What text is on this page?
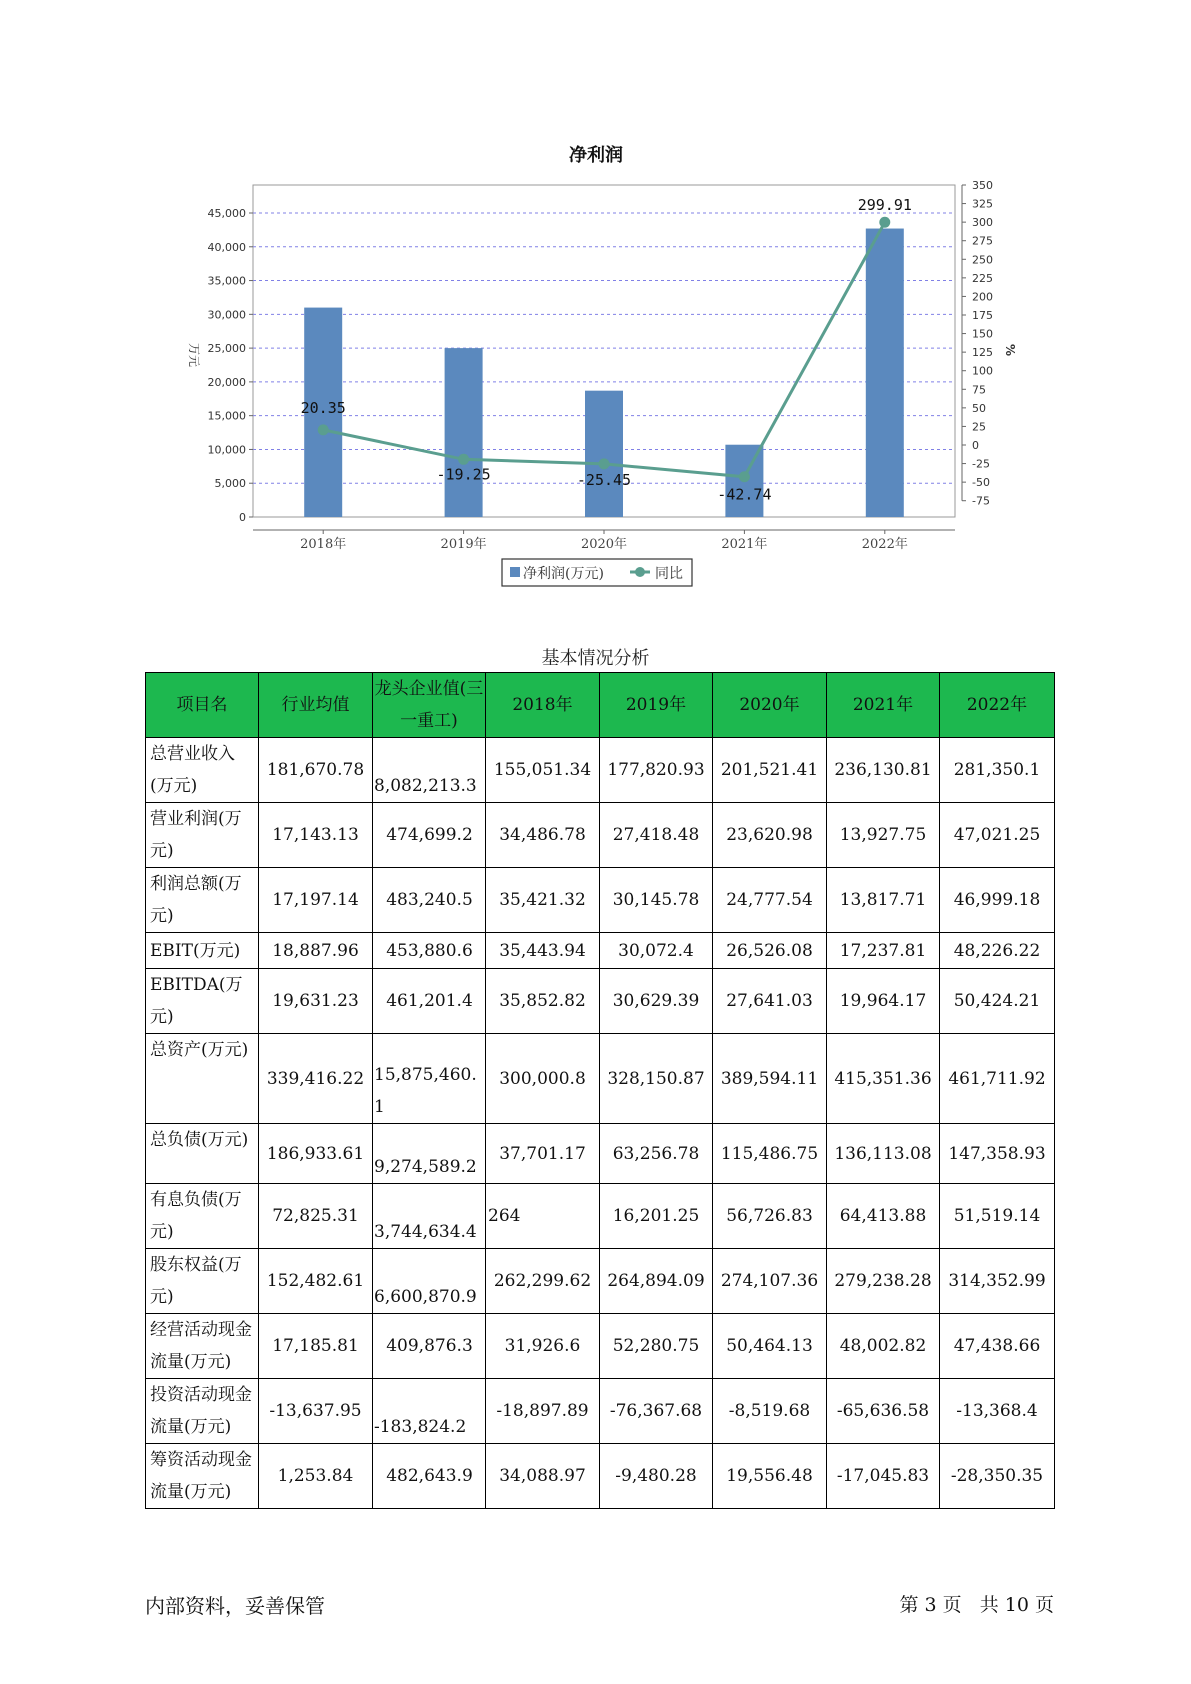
净利润
0
5,000
10,000
15,000
20,000
25,000
30,000
35,000
40,000
45,000
万元
-75
-50
-25
0
25
50
75
100
125
150
175
200
225
250
275
300
325
350
%
2018年	2019年	2020年	2021年	2022年
20.35
-19.25	-25.45
-42.74
299.91
净利润(万元)	同比
基本情况分析
项目名	行业均值	龙头企业值(三一重工)	2018年	2019年	2020年	2021年	2022年
总营业收入(万元)	181,670.78	8,082,213.3	155,051.34	177,820.93	201,521.41	236,130.81	281,350.1
营业利润(万元)	17,143.13	474,699.2	34,486.78	27,418.48	23,620.98	13,927.75	47,021.25
利润总额(万元)	17,197.14	483,240.5	35,421.32	30,145.78	24,777.54	13,817.71	46,999.18
EBIT(万元)	18,887.96	453,880.6	35,443.94	30,072.4	26,526.08	17,237.81	48,226.22
EBITDA(万元)	19,631.23	461,201.4	35,852.82	30,629.39	27,641.03	19,964.17	50,424.21
总资产(万元)	339,416.22	15,875,460.1	300,000.8	328,150.87	389,594.11	415,351.36	461,711.92
总负债(万元)	186,933.61	9,274,589.2	37,701.17	63,256.78	115,486.75	136,113.08	147,358.93
有息负债(万元)	72,825.31	3,744,634.4	264	16,201.25	56,726.83	64,413.88	51,519.14
股东权益(万元)	152,482.61	6,600,870.9	262,299.62	264,894.09	274,107.36	279,238.28	314,352.99
经营活动现金流量(万元)	17,185.81	409,876.3	31,926.6	52,280.75	50,464.13	48,002.82	47,438.66
投资活动现金流量(万元)	-13,637.95	-183,824.2	-18,897.89	-76,367.68	-8,519.68	-65,636.58	-13,368.4
筹资活动现金流量(万元)	1,253.84	482,643.9	34,088.97	-9,480.28	19,556.48	-17,045.83	-28,350.35
内部资料，妥善保管	第 3 页   共 10 页
